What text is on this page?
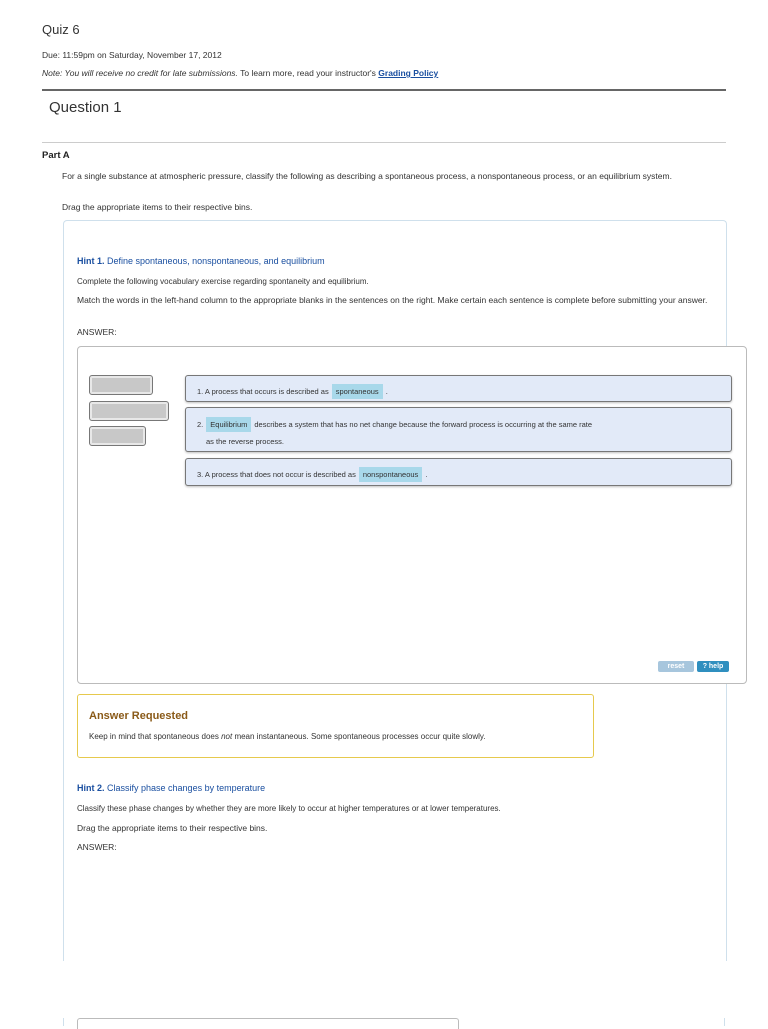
Quiz 6
Due: 11:59pm on Saturday, November 17, 2012
Note: You will receive no credit for late submissions. To learn more, read your instructor's Grading Policy
Question 1
Part A
For a single substance at atmospheric pressure, classify the following as describing a spontaneous process, a nonspontaneous process, or an equilibrium system.
Drag the appropriate items to their respective bins.
Hint 1. Define spontaneous, nonspontaneous, and equilibrium
Complete the following vocabulary exercise regarding spontaneity and equilibrium.
Match the words in the left-hand column to the appropriate blanks in the sentences on the right. Make certain each sentence is complete before submitting your answer.
ANSWER:
1. A process that occurs is described as spontaneous .
2. Equilibrium describes a system that has no net change because the forward process is occurring at the same rate
as the reverse process.
3. A process that does not occur is described as nonspontaneous .
reset	? help
Answer Requested
Keep in mind that spontaneous does not mean instantaneous. Some spontaneous processes occur quite slowly.
Hint 2. Classify phase changes by temperature
Classify these phase changes by whether they are more likely to occur at higher temperatures or at lower temperatures.
Drag the appropriate items to their respective bins.
ANSWER:
